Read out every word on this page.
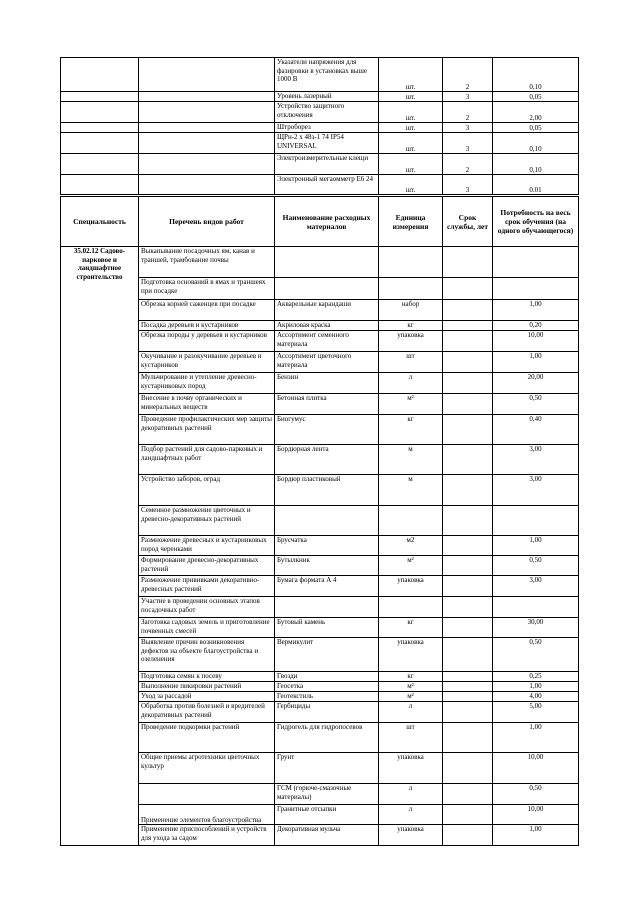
		Указатели напряжения для фазировки в установках выше 1000 В	шт.	2	0,10
		Уровень лазерный	шт.	3	0,05
		Устройство защитного отключения	шт.	2	2,00
		Штроборез	шт.	3	0,05
		ЩРн-2 х 48з-1 74 IP54 UNIVERSAL	шт.	3	0,10
		Электроизмерительные клещи	шт.	2	0,10
		Электронный мегаомметр Е6 24	шт.	3	0.01
Специальность	Перечень видов работ	Наименование расходных материалов	Единица измерения	Срок службы, лет	Потребность на весь срок обучения (на одного обучающегося)
35.02.12 Садово-парковое и ландшафтное строительство	Выкапывание посадочных ям, канав и траншей, трамбование почвы				
	Подготовка оснований в ямах и траншеях при посадке				
	Обрезка корней саженцев при посадке	Акварельные карандаши	набор		1,00
	Посадка деревьев и кустарников	Акриловая краска	кг		0,20
	Обрезка породы у деревьев и кустарников	Ассортимент семенного материала	упаковка		10,00
	Окучивание и разокучивание деревьев и кустарников	Ассортимент цветочного материала	шт		1,00
	Мульчирование и утепление древесно-кустарниковых пород	Бензин	л		20,00
	Внесение в почву органических и минеральных веществ	Бетонная плитка	м²		0,50
	Проведение профилактических мер защиты декоративных растений	Биогумус	кг		0,40
	Подбор растений для садово-парковых и ландшафтных работ	Бордюрная лента	м		3,00
	Устройство заборов, оград	Бордюр пластиковый	м		3,00
	Семенное размножение цветочных и древесно-декоративных растений				
	Размножение древесных и кустарниковых пород черенками	Брусчатка	м2		1,00
	Формирование древесно-декоративных растений	Бутылкник	м²		0,50
	Размножение прививками декоративно- древесных растений	Бумага формата А 4	упаковка		3,00
	Участие в проведении основных этапов посадочных работ				
	Заготовка садовых земель и приготовление почвенных смесей	Бутовый камень	кг		30,00
	Выявление причин возникновения дефектов на объекте благоустройства и озеленения	Вермикулит	упаковка		0,50
	Подготовка семян к посеву	Гвозди	кг		0,25
	Выполнение пикировки растений	Геосетка	м²		1,00
	Уход за рассадой	Геотекстиль	м²		4,00
	Обработка против болезней и вредителей декоративных растений	Гербициды	л		5,00
	Проведение подкормки растений	Гидрогель для гидропосевов	шт		1,00
	Общие приемы агротехники цветочных культур	Грунт	упаковка		10,00
		ГСМ (горюче-смазочные материалы)	л		0,50
	Применение элементов благоустройства	Гранитные отсыпки	л		10,00
	Применение приспособлений и устройств для ухода за садом	Декоративная мульча	упаковка		1,00
